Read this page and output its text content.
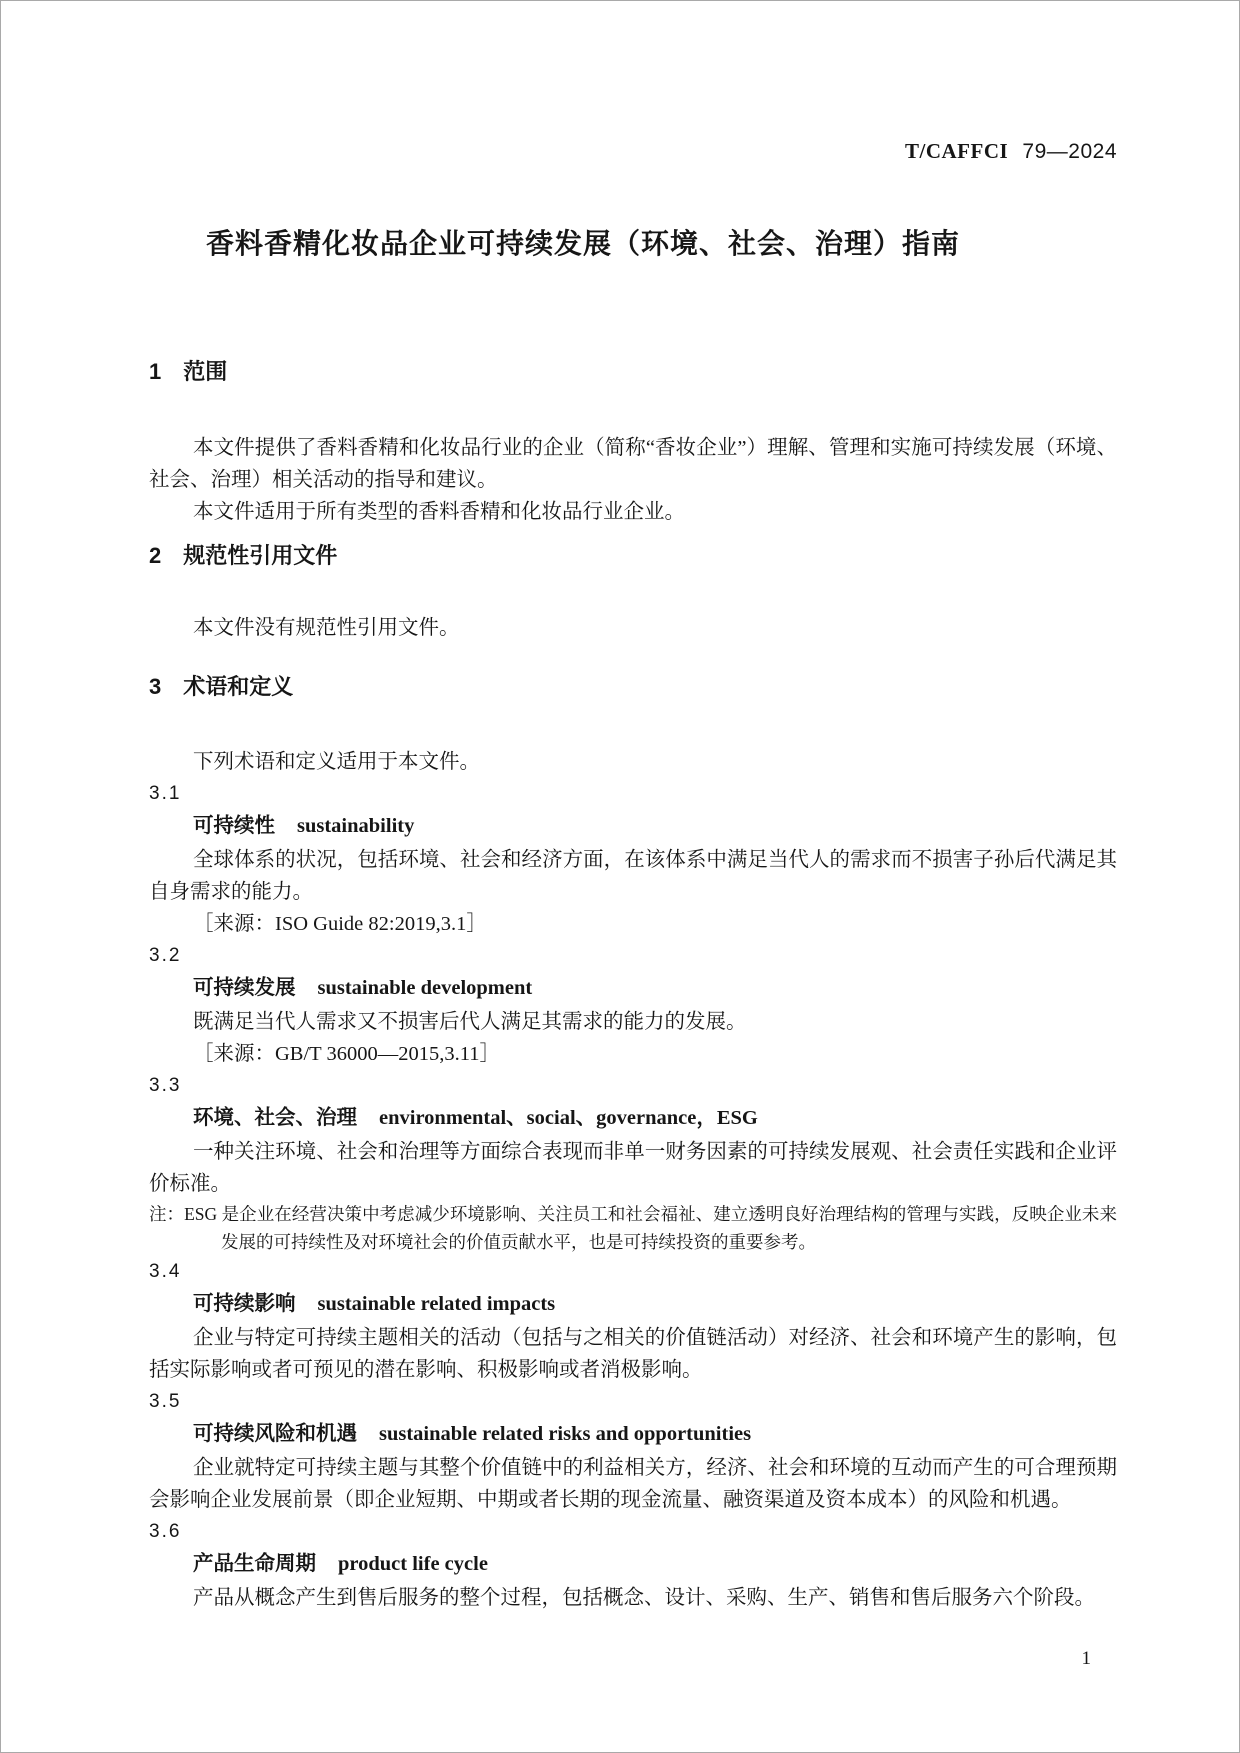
T/CAFFCI 79—2024
香料香精化妆品企业可持续发展（环境、社会、治理）指南
1 范围

本文件提供了香料香精和化妆品行业的企业（简称“香妆企业”）理解、管理和实施可持续发展（环境、社会、治理）相关活动的指导和建议。

本文件适用于所有类型的香料香精和化妆品行业企业。

2 规范性引用文件

本文件没有规范性引用文件。

3 术语和定义

下列术语和定义适用于本文件。

3.1

可持续性 sustainability

全球体系的状况，包括环境、社会和经济方面，在该体系中满足当代人的需求而不损害子孙后代满足其自身需求的能力。

［来源：ISO Guide 82:2019,3.1］

3.2

可持续发展 sustainable development

既满足当代人需求又不损害后代人满足其需求的能力的发展。

［来源：GB/T 36000—2015,3.11］

3.3

环境、社会、治理 environmental、social、governance，ESG

一种关注环境、社会和治理等方面综合表现而非单一财务因素的可持续发展观、社会责任实践和企业评价标准。

注：ESG 是企业在经营决策中考虑减少环境影响、关注员工和社会福祉、建立透明良好治理结构的管理与实践，反映企业未来发展的可持续性及对环境社会的价值贡献水平，也是可持续投资的重要参考。

3.4

可持续影响 sustainable related impacts

企业与特定可持续主题相关的活动（包括与之相关的价值链活动）对经济、社会和环境产生的影响，包括实际影响或者可预见的潜在影响、积极影响或者消极影响。

3.5

可持续风险和机遇 sustainable related risks and opportunities

企业就特定可持续主题与其整个价值链中的利益相关方，经济、社会和环境的互动而产生的可合理预期会影响企业发展前景（即企业短期、中期或者长期的现金流量、融资渠道及资本成本）的风险和机遇。

3.6

产品生命周期 product life cycle

产品从概念产生到售后服务的整个过程，包括概念、设计、采购、生产、销售和售后服务六个阶段。

1
